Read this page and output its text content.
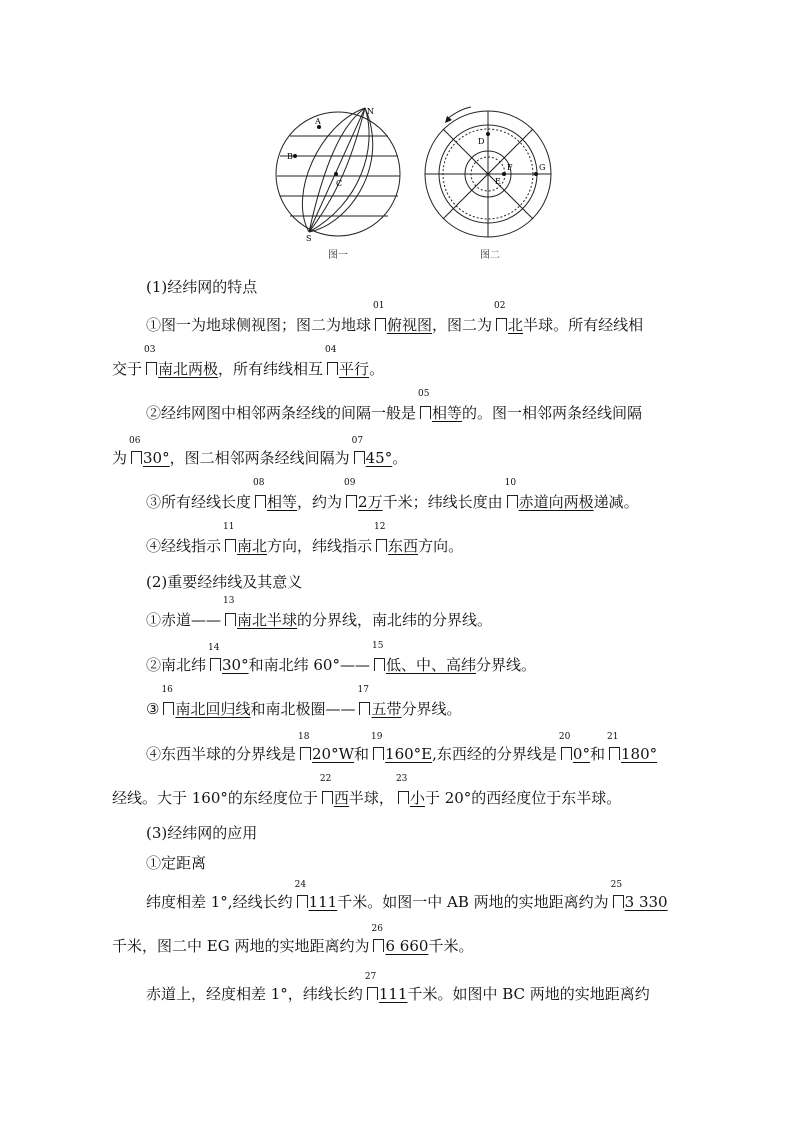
N
A
B
C
S
D
F
E
G
图一	图二
(1)经纬网的特点
①图一为地球侧视图；图二为地球
01
俯视图，图二为
02
北半球。所有经线相
交于
03
南北两极，所有纬线相互
04
平行。
②经纬网图中相邻两条经线的间隔一般是
05
相等的。图一相邻两条经线间隔
为
06
30°，图二相邻两条经线间隔为
07
45°。
③所有经线长度
08
相等，约为
09
2万千米；纬线长度由
10
赤道向两极递减。
④经线指示
11
南北方向，纬线指示
12
东西方向。
(2)重要经纬线及其意义
①赤道——
13
南北半球的分界线，南北纬的分界线。
②南北纬
14
30°和南北纬 60°——
15
低、中、高纬分界线。
③
16
南北回归线和南北极圈——
17
五带分界线。
④东西半球的分界线是
18
20°W和
19
160°E,东西经的分界线是
20
0°和
21
180°
经线。大于 160°的东经度位于
22
西半球，
23
小于 20°的西经度位于东半球。
(3)经纬网的应用
①定距离
纬度相差 1°,经线长约
24
111千米。如图一中 AB 两地的实地距离约为
25
3 330
千米，图二中 EG 两地的实地距离约为
26
6 660千米。
赤道上，经度相差 1°，纬线长约
27
111千米。如图中 BC 两地的实地距离约
